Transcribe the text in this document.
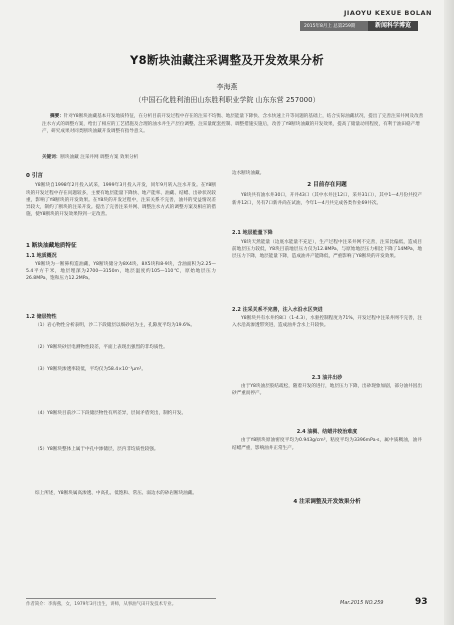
JIAOYU KEXUE BOLAN
2015年8月上 总第259期	新闻科学博览
Y8断块油藏注采调整及开发效果分析
李海燕
（中国石化胜利油田山东胜利职业学院 山东东营 257000）
摘要：针对Y8断块油藏基本开发地质特征，在分析目前开发过程中存在的注采不均衡、地层能量下降快、含水快速上升等问题的基础上，结合实际油藏状况，提出了完善注采井网及改善注水方式的调整方案，给出了相应的工艺措施及合理的油水井生产层位调整、注采量配套控制、调整措施实施后，改善了Y8断块油藏的开发效果，提高了储量动用程度，有利于油田稳产增产，研究成果对同类断块油藏开发调整有指导意义。
关键词：断块油藏 注采井网 调整方案 效果分析
0 引言

Y8断块自1998年2月投入试采，1999年3月投入开发，同年9月转入注水开发。在Y8断块的开发过程中存在问题较多，主要有地层能量下降快、地产能率、油藏、结蜡、出砂状况较重，影响了Y8断块的开发效果。在Y8块的开发过程中，注采关系不完善，油井的受益情况差异较大，制约了断块的注采开发。提出了完善注采井网、调整注水方式的调整方案及相应的措施，使Y8断块的开发效果得到一定改善。

1 断块油藏地质特征
1.1 地质概况

Y8断块为一断鼻构造油藏，Y8断块储分为8X4块、8X5块和8-9块，含油面积为2.25—5.4平方千米，地层埋深为2700—3150m，地层温度约105—110℃，原始地层压力26.8MPa，饱和压力12.2MPa。

1.2 储层物性

（1）岩心物性分析表明，沙二下段储层以细砂岩为主，孔隙度平均为19.6%。

（2）Y8断块砂层电测物性较差，平面上表现出强烈的非均质性。

（3）Y8断块渗透率较低，平均仅为58.4×10⁻³μm²。

（4）Y8断块目前沙二下段储层物性有所差异，层间矛盾突出，制约开发。

（5）Y8断块整体上属于中孔中渗储层，层内非均质性较强。

综上所述，Y8断块属高渗透、中高孔、低饱和、常压、弱边水的砂岩断块油藏。

边水断块油藏。

2 目前存在问题

Y8块共有油水井30口，开井43口（其中水井注12口，采井31口），其中1—4月份共投产新井12口，另有7口新井尚在试油，今年1—4月共完成各类作业69井次。

2.1 地层能量下降

Y8块天然能量（边底水能量不充足），生产过程中注采井网不完善，注采比偏低，造成目前地层压力较低，Y8块目前地层压力仅为12.8MPa，与原始地层压力相比下降了14MPa，地层压力下降，地层能量下降，造成油井产能降低，严重影响了Y8断块的开发效果。

2.2 注采关系不完善，注入水沿水区突进

Y8断块共有水井约8口（1-4.3），水驱控制程度为71%，开发过程中注采井网不完善，注入水沿高渗透带突进，造成油井含水上升较快。

2.3 油井出砂

由于Y8块油层胶结疏松，随着开发的进行，地层压力下降，出砂现象加剧，部分油井因出砂严重而停产。

2.4 油稠、结蜡井较治难度

由于Y8断块原油密度平均为0.943g/cm³，粘度平均为3396mPa·s，属中质稠油，油井结蜡严重，影响油井正常生产。

4 注采调整及开发效果分析
作者简介：李海燕，女，1979年3月出生，讲师，从事油气田开发技术专业。	Mar.2015 NO.259	93
